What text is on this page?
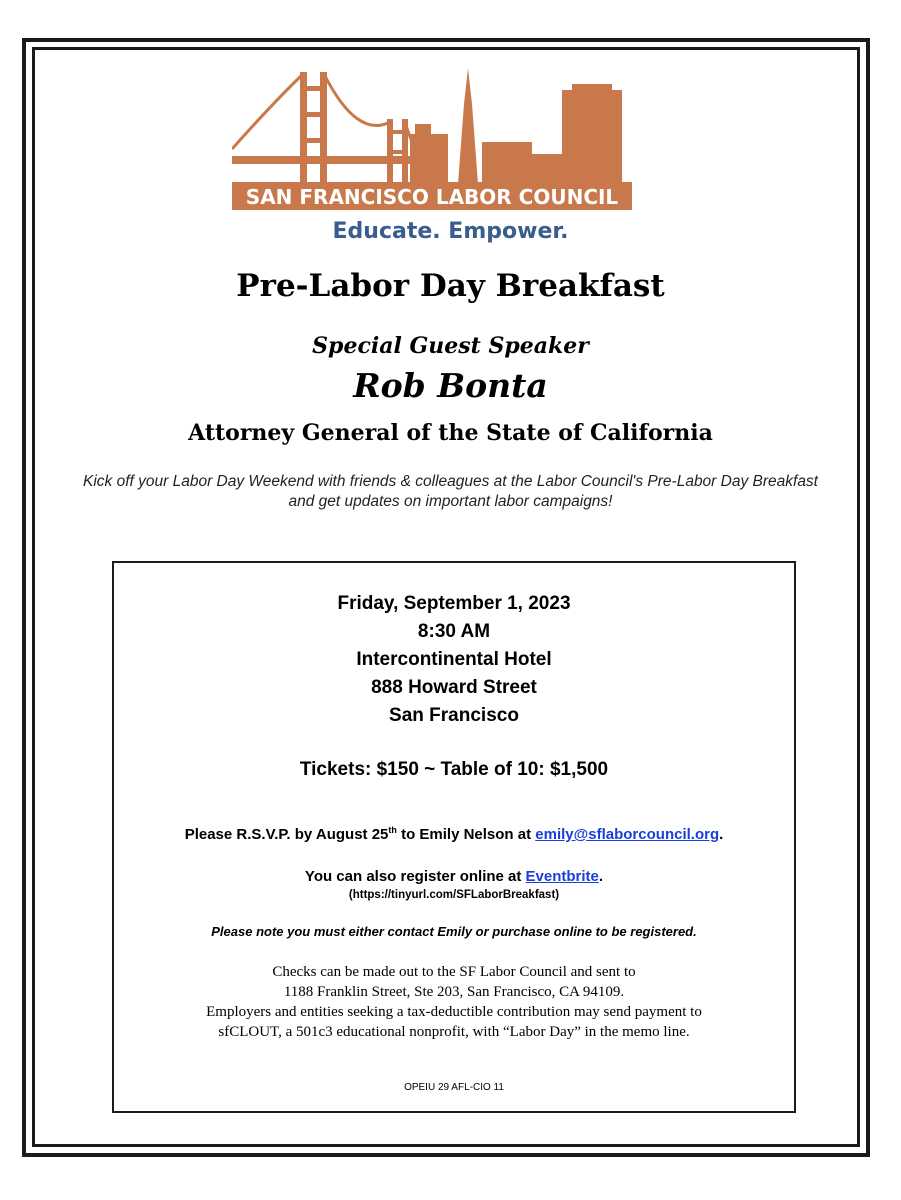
SAN FRANCISCO LABOR COUNCIL
Educate. Empower.
Pre-Labor Day Breakfast
Special Guest Speaker
Rob Bonta
Attorney General of the State of California
Kick off your Labor Day Weekend with friends & colleagues at the Labor Council's Pre-Labor Day Breakfast and get updates on important labor campaigns!
Friday, September 1, 2023
8:30 AM
Intercontinental Hotel
888 Howard Street
San Francisco
Tickets: $150 ~ Table of 10: $1,500
Please R.S.V.P. by August 25th to Emily Nelson at emily@sflaborcouncil.org.
You can also register online at Eventbrite.
(https://tinyurl.com/SFLaborBreakfast)
Please note you must either contact Emily or purchase online to be registered.
Checks can be made out to the SF Labor Council and sent to
1188 Franklin Street, Ste 203, San Francisco, CA 94109.
Employers and entities seeking a tax-deductible contribution may send payment to
sfCLOUT, a 501c3 educational nonprofit, with “Labor Day” in the memo line.
OPEIU 29 AFL-CIO 11
